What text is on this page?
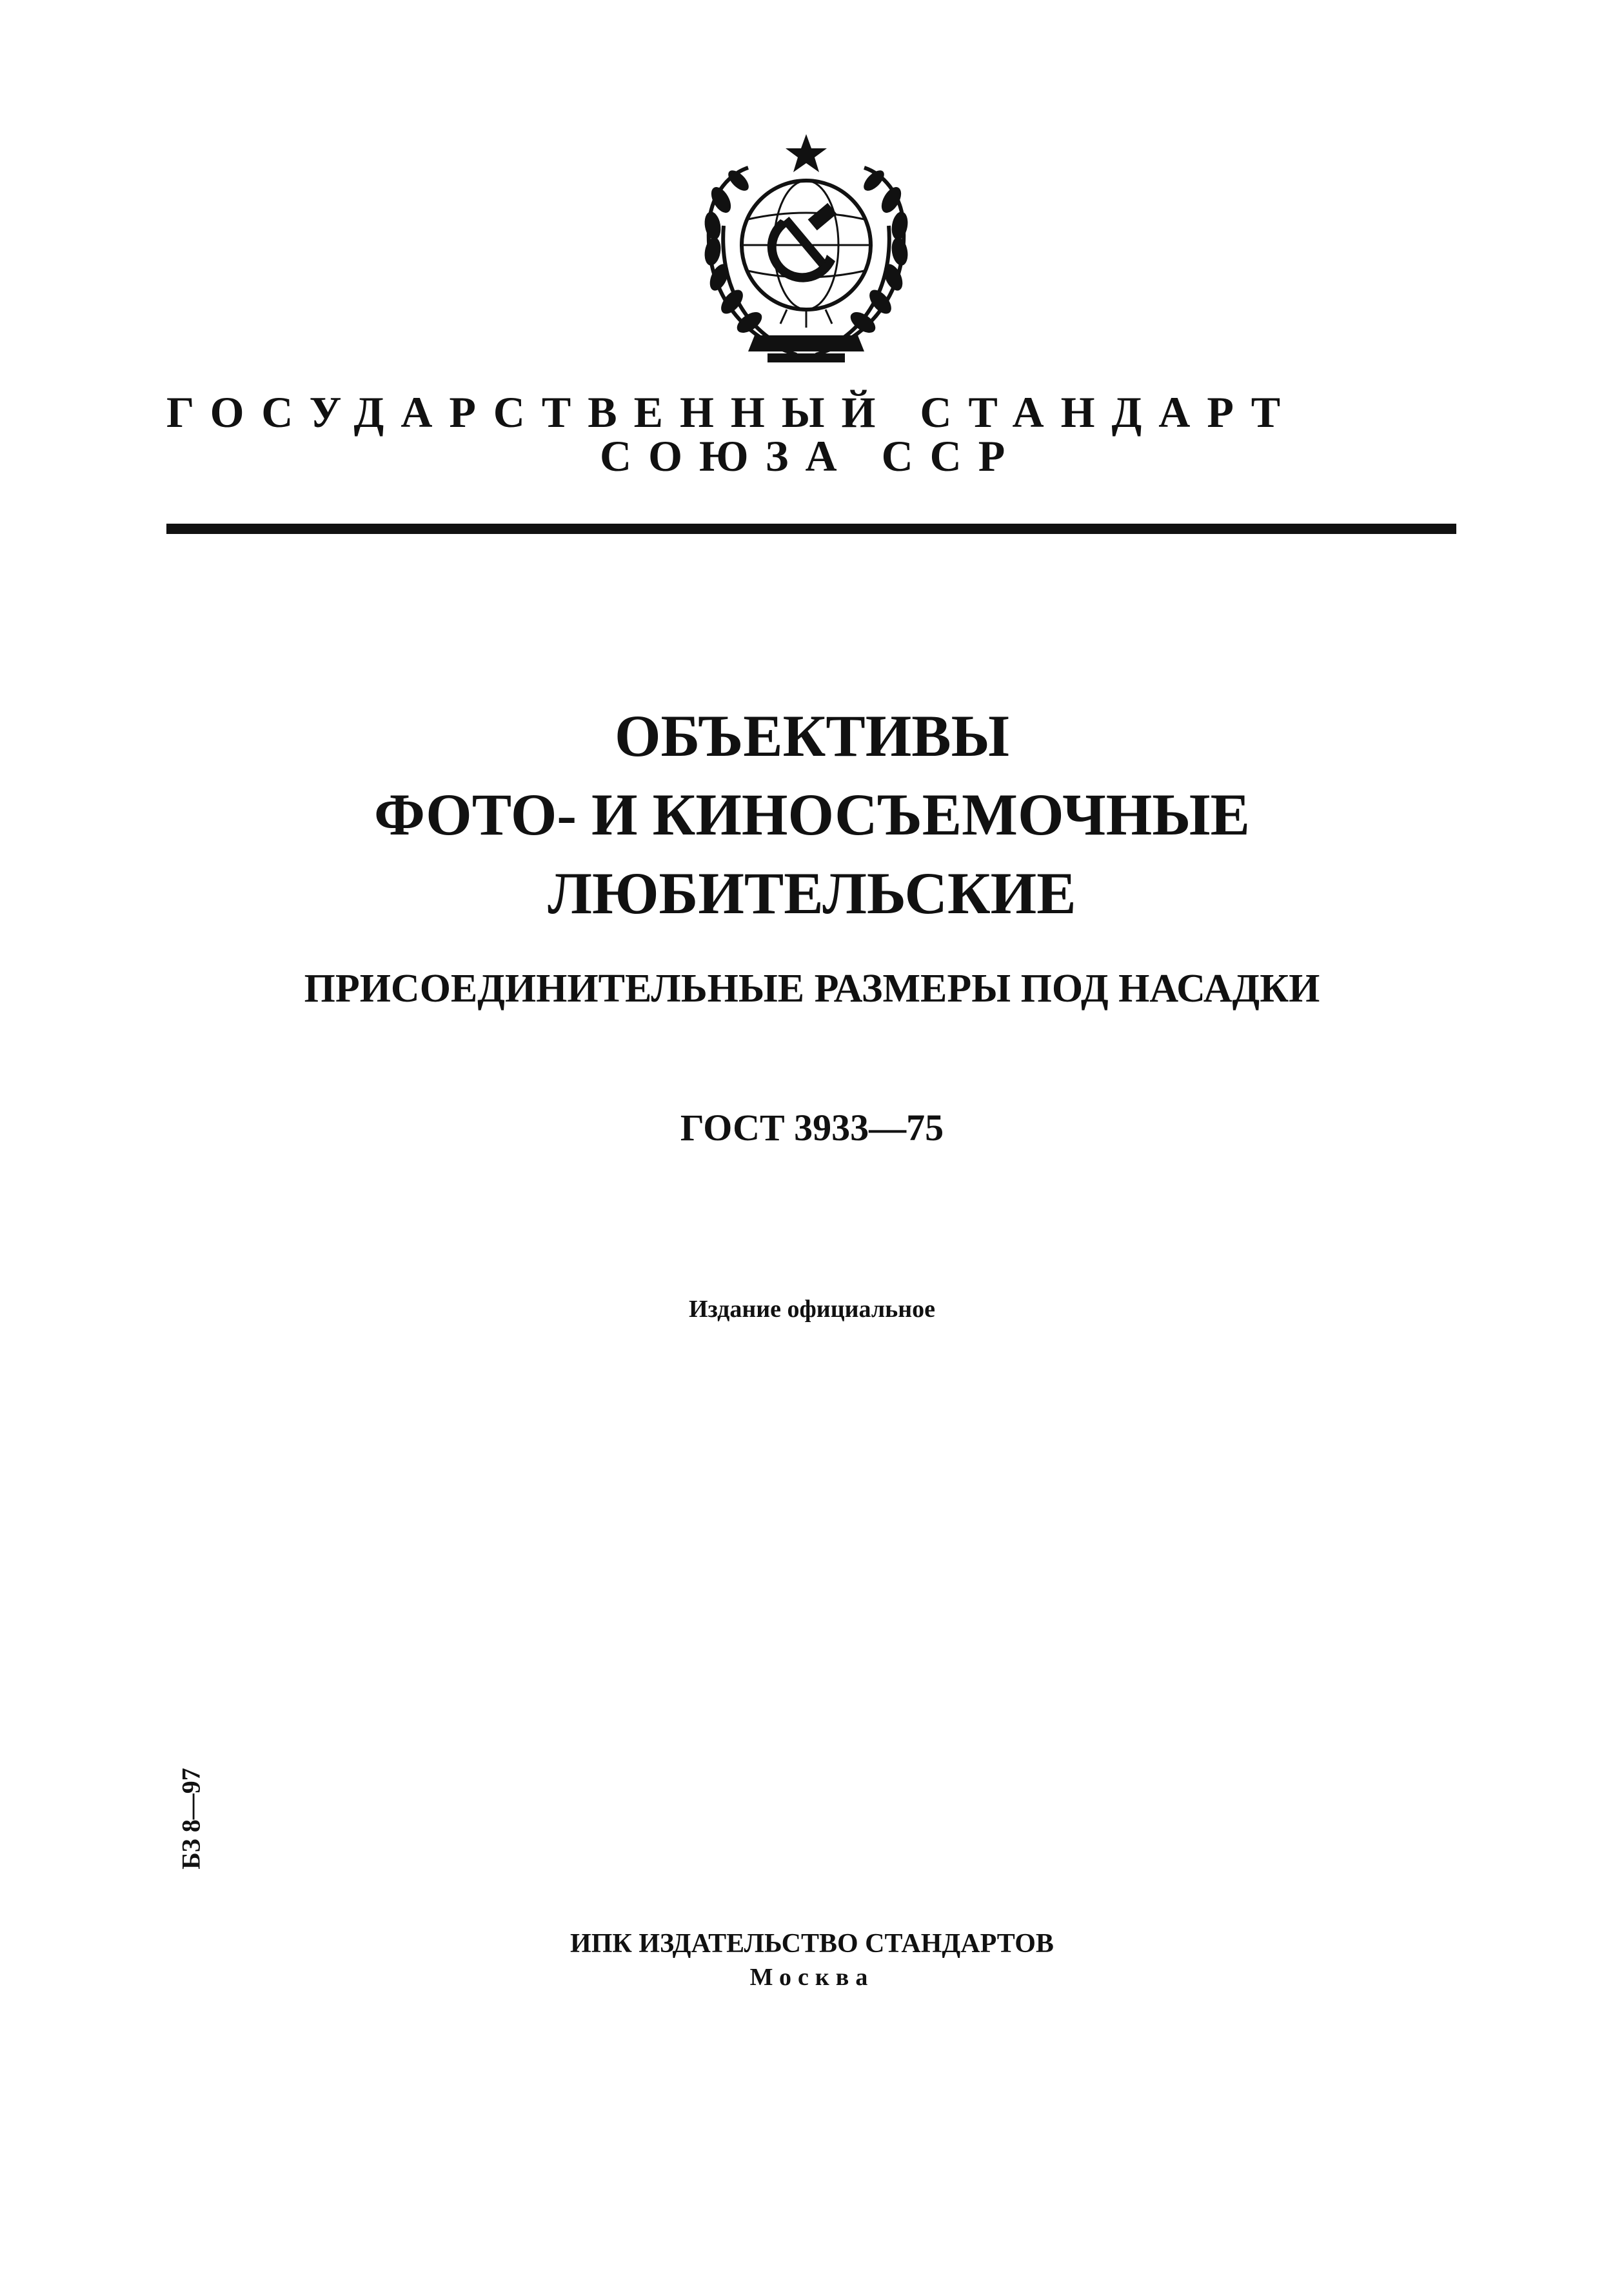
ГОСУДАРСТВЕННЫЙ СТАНДАРТ
СОЮЗА ССР
ОБЪЕКТИВЫ
ФОТО- И КИНОСЪЕМОЧНЫЕ
ЛЮБИТЕЛЬСКИЕ
ПРИСОЕДИНИТЕЛЬНЫЕ РАЗМЕРЫ ПОД НАСАДКИ
ГОСТ 3933—75
Издание официальное
БЗ 8—97
ИПК ИЗДАТЕЛЬСТВО СТАНДАРТОВ
Москва
